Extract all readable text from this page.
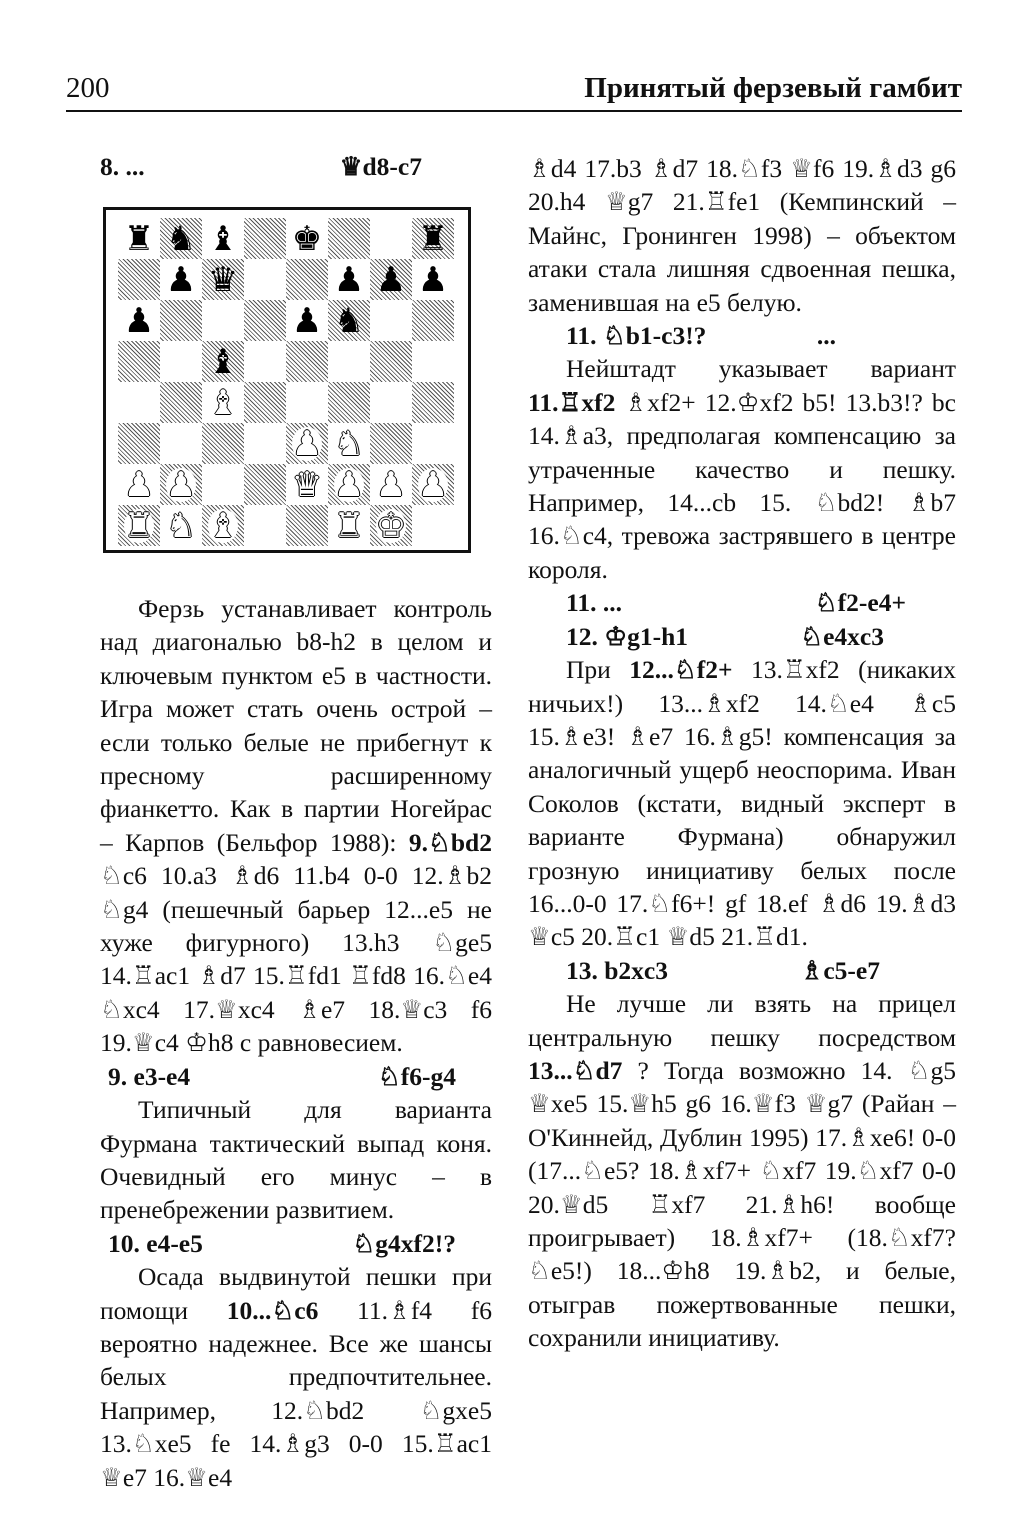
200	Принятый ферзевый гамбит
8. ...	♛d8-c7
♜ ♞ ♝ ♚	♜
♟ ♛	♟ ♟ ♟
♟	♟ ♞
♝
♝
♟ ♞
♟ ♟	♛ ♟ ♟ ♟
♜ ♞ ♝	♜ ♚

Ферзь устанавливает контроль над диагональю b8-h2 в целом и ключевым пунктом e5 в частности. Игра может стать очень острой – если только белые не прибегнут к пресному расширенному фианкетто. Как в партии Ногейрас – Карпов (Бельфор 1988): 9.♘bd2 ♘c6 10.a3 ♗d6 11.b4 0-0 12.♗b2 ♘g4 (пешечный барьер 12...e5 не хуже фигурного) 13.h3 ♘ge5 14.♖ac1 ♗d7 15.♖fd1 ♖fd8 16.♘e4 ♘xc4 17.♕xc4 ♗e7 18.♕c3 f6 19.♕c4 ♔h8 с равновесием.

9. e3-e4	♘f6-g4

Типичный для варианта Фурмана тактический выпад коня. Очевидный его минус – в пренебрежении развитием.

10. e4-e5	♘g4xf2!?

Осада выдвинутой пешки при помощи 10...♘c6 11.♗f4 f6 вероятно надежнее. Все же шансы белых предпочтительнее. Например, 12.♘bd2 ♘gxe5 13.♘xe5 fe 14.♗g3 0-0 15.♖ac1 ♕e7 16.♕e4

♗d4 17.b3 ♗d7 18.♘f3 ♕f6 19.♗d3 g6 20.h4 ♕g7 21.♖fe1 (Кемпинский – Майнс, Гронинген 1998) – объектом атаки стала лишняя сдвоенная пешка, заменившая на e5 белую.

11. ♘b1-c3!?	...

Нейштадт указывает вариант 11.♖xf2 ♗xf2+ 12.♔xf2 b5! 13.b3!? bc 14.♗a3, предполагая компенсацию за утраченные качество и пешку. Например, 14...cb 15. ♘bd2! ♗b7 16.♘c4, тревожа застрявшего в центре короля.

11. ...	♘f2-e4+
12. ♔g1-h1	♘e4xc3

При 12...♘f2+ 13.♖xf2 (никаких ничьих!) 13...♗xf2 14.♘e4 ♗c5 15.♗e3! ♗e7 16.♗g5! компенсация за аналогичный ущерб неоспорима. Иван Соколов (кстати, видный эксперт в варианте Фурмана) обнаружил грозную инициативу белых после 16...0-0 17.♘f6+! gf 18.ef ♗d6 19.♗d3 ♕c5 20.♖c1 ♕d5 21.♖d1.

13. b2xc3	♗c5-e7

Не лучше ли взять на прицел центральную пешку посредством 13...♘d7 ? Тогда возможно 14. ♘g5 ♕xe5 15.♕h5 g6 16.♕f3 ♕g7 (Райан – О'Киннейд, Дублин 1995) 17.♗xe6! 0-0 (17...♘e5? 18.♗xf7+ ♘xf7 19.♘xf7 0-0 20.♕d5 ♖xf7 21.♗h6! вообще проигрывает) 18.♗xf7+ (18.♘xf7? ♘e5!) 18...♔h8 19.♗b2, и белые, отыграв пожертвованные пешки, сохранили инициативу.
